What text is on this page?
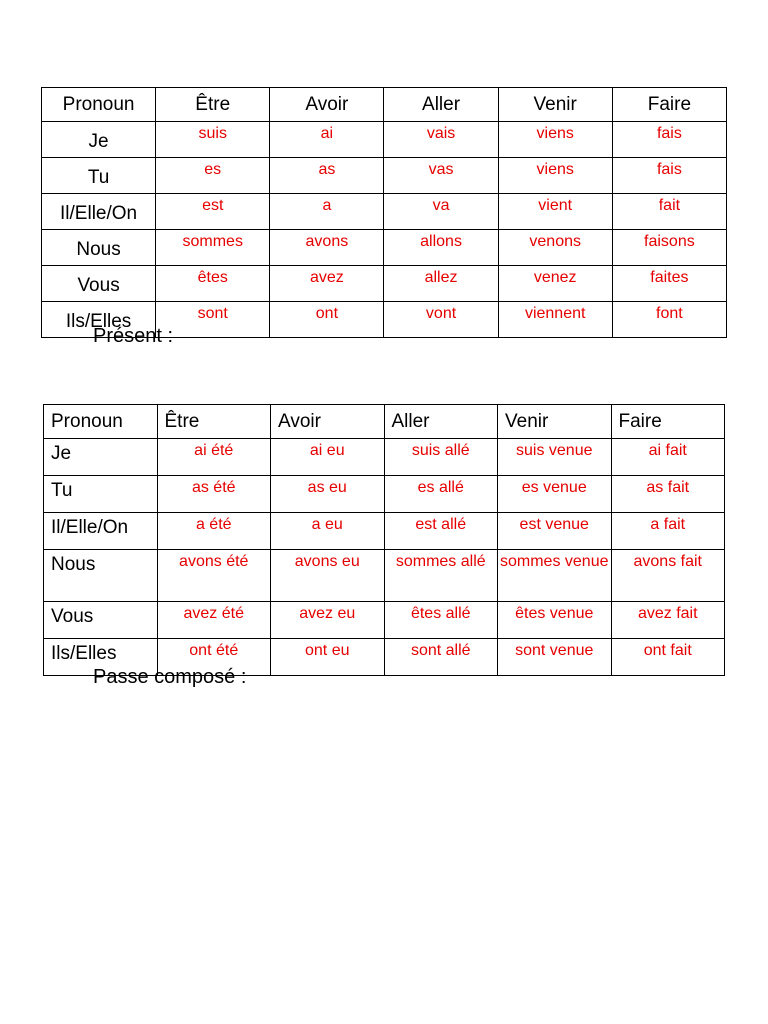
Pronoun	Être	Avoir	Aller	Venir	Faire
Je	suis	ai	vais	viens	fais
Tu	es	as	vas	viens	fais
Il/Elle/On	est	a	va	vient	fait
Nous	sommes	avons	allons	venons	faisons
Vous	êtes	avez	allez	venez	faites
Ils/Elles	sont	ont	vont	viennent	font

Présent :

Pronoun	Être	Avoir	Aller	Venir	Faire
Je	ai été	ai eu	suis allé	suis venue	ai fait
Tu	as été	as eu	es allé	es venue	as fait
Il/Elle/On	a été	a eu	est allé	est venue	a fait
Nous	avons été	avons eu	sommes allé	sommes venue	avons fait
Vous	avez été	avez eu	êtes allé	êtes venue	avez fait
Ils/Elles	ont été	ont eu	sont allé	sont venue	ont fait

Passe composé :
